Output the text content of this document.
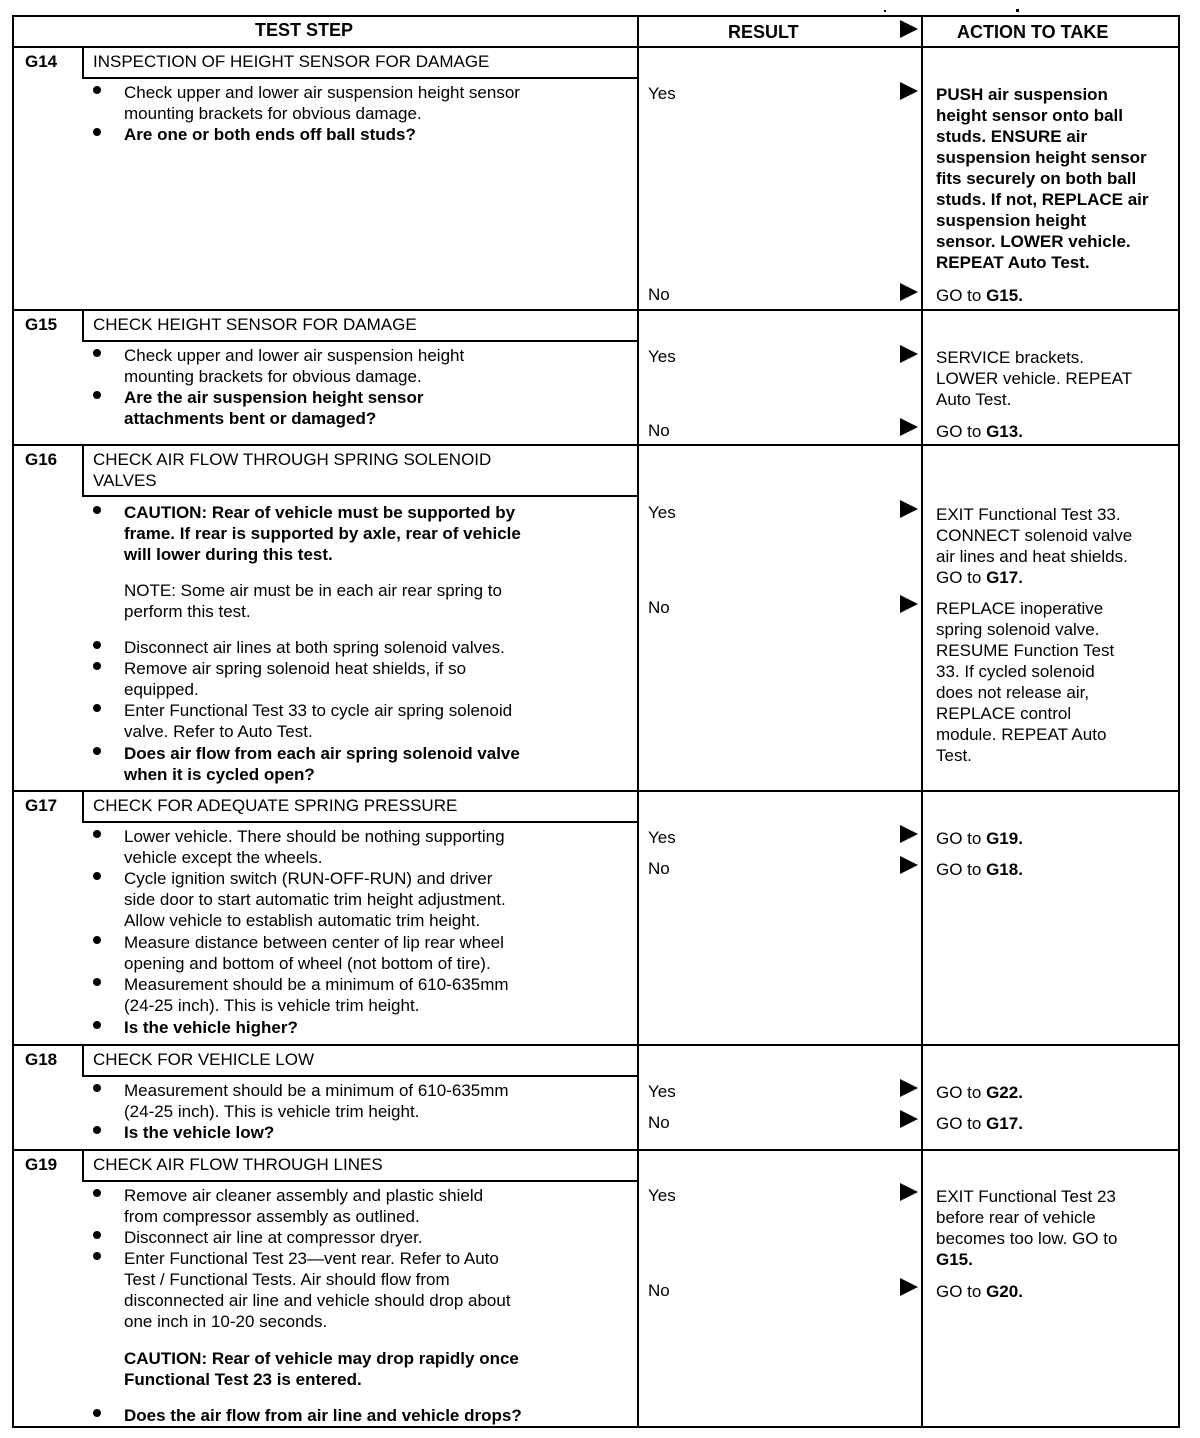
TEST STEP	RESULT	ACTION TO TAKE
G14 INSPECTION OF HEIGHT SENSOR FOR DAMAGE
Check upper and lower air suspension height sensor
mounting brackets for obvious damage.
Are one or both ends off ball studs?
Yes	PUSH air suspension
height sensor onto ball
studs. ENSURE air
suspension height sensor
fits securely on both ball
studs. If not, REPLACE air
suspension height
sensor. LOWER vehicle.
REPEAT Auto Test.
No	GO to G15.
G15 CHECK HEIGHT SENSOR FOR DAMAGE
Check upper and lower air suspension height
mounting brackets for obvious damage.
Are the air suspension height sensor
attachments bent or damaged?
Yes	SERVICE brackets.
LOWER vehicle. REPEAT
Auto Test.
No	GO to G13.
G16 CHECK AIR FLOW THROUGH SPRING SOLENOID
VALVES
CAUTION: Rear of vehicle must be supported by
frame. If rear is supported by axle, rear of vehicle
will lower during this test.
NOTE: Some air must be in each air rear spring to
perform this test.
Disconnect air lines at both spring solenoid valves.
Remove air spring solenoid heat shields, if so
equipped.
Enter Functional Test 33 to cycle air spring solenoid
valve. Refer to Auto Test.
Does air flow from each air spring solenoid valve
when it is cycled open?
Yes	EXIT Functional Test 33.
CONNECT solenoid valve
air lines and heat shields.
GO to G17.
No	REPLACE inoperative
spring solenoid valve.
RESUME Function Test
33. If cycled solenoid
does not release air,
REPLACE control
module. REPEAT Auto
Test.
G17 CHECK FOR ADEQUATE SPRING PRESSURE
Lower vehicle. There should be nothing supporting
vehicle except the wheels.
Cycle ignition switch (RUN-OFF-RUN) and driver
side door to start automatic trim height adjustment.
Allow vehicle to establish automatic trim height.
Measure distance between center of lip rear wheel
opening and bottom of wheel (not bottom of tire).
Measurement should be a minimum of 610-635mm
(24-25 inch). This is vehicle trim height.
Is the vehicle higher?
Yes	GO to G19.
No	GO to G18.
G18 CHECK FOR VEHICLE LOW
Measurement should be a minimum of 610-635mm
(24-25 inch). This is vehicle trim height.
Is the vehicle low?
Yes	GO to G22.
No	GO to G17.
G19 CHECK AIR FLOW THROUGH LINES
Remove air cleaner assembly and plastic shield
from compressor assembly as outlined.
Disconnect air line at compressor dryer.
Enter Functional Test 23—vent rear. Refer to Auto
Test / Functional Tests. Air should flow from
disconnected air line and vehicle should drop about
one inch in 10-20 seconds.
CAUTION: Rear of vehicle may drop rapidly once
Functional Test 23 is entered.
Does the air flow from air line and vehicle drops?
Yes	EXIT Functional Test 23
before rear of vehicle
becomes too low. GO to
G15.
No	GO to G20.
